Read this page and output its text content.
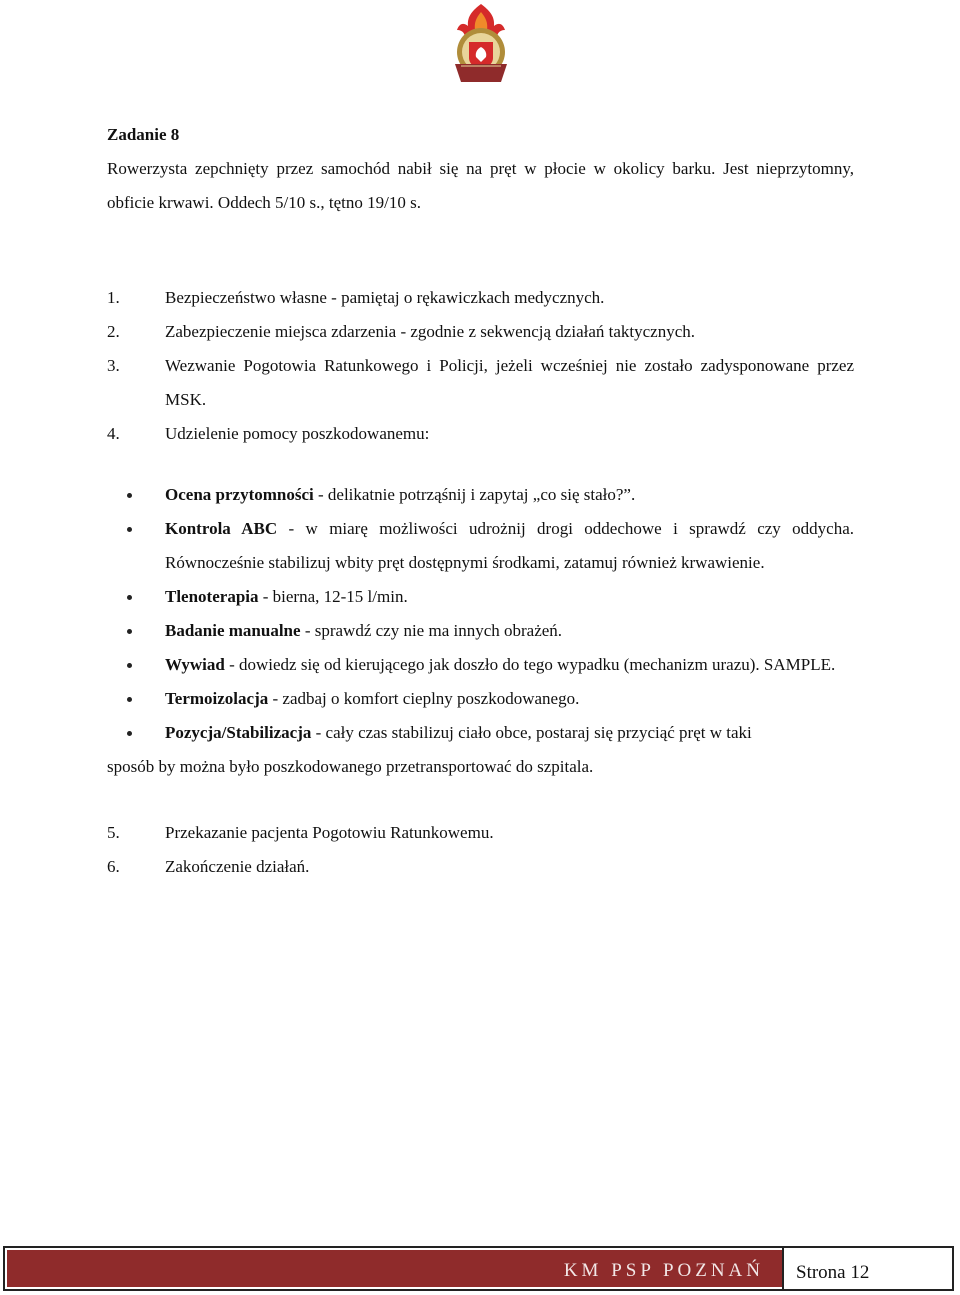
Zadanie 8

Rowerzysta zepchnięty przez samochód nabił się na pręt w płocie w okolicy barku. Jest nieprzytomny, obficie krwawi. Oddech 5/10 s., tętno 19/10 s.

1.	Bezpieczeństwo własne - pamiętaj o rękawiczkach medycznych.
2.	Zabezpieczenie miejsca zdarzenia - zgodnie z sekwencją działań taktycznych.
3.	Wezwanie Pogotowia Ratunkowego i Policji, jeżeli wcześniej nie zostało zadysponowane przez MSK.
4.	Udzielenie pomocy poszkodowanemu:
Ocena przytomności - delikatnie potrząśnij i zapytaj „co się stało?”.
Kontrola ABC - w miarę możliwości udrożnij drogi oddechowe i sprawdź czy oddycha. Równocześnie stabilizuj wbity pręt dostępnymi środkami, zatamuj również krwawienie.
Tlenoterapia - bierna, 12-15 l/min.
Badanie manualne - sprawdź czy nie ma innych obrażeń.
Wywiad - dowiedz się od kierującego jak doszło do tego wypadku (mechanizm urazu). SAMPLE.
Termoizolacja - zadbaj o komfort cieplny poszkodowanego.
Pozycja/Stabilizacja - cały czas stabilizuj ciało obce, postaraj się przyciąć pręt w taki

sposób by można było poszkodowanego przetransportować do szpitala.

5.	Przekazanie pacjenta Pogotowiu Ratunkowemu.
6.	Zakończenie działań.
KM PSP POZNAŃ Strona 12
